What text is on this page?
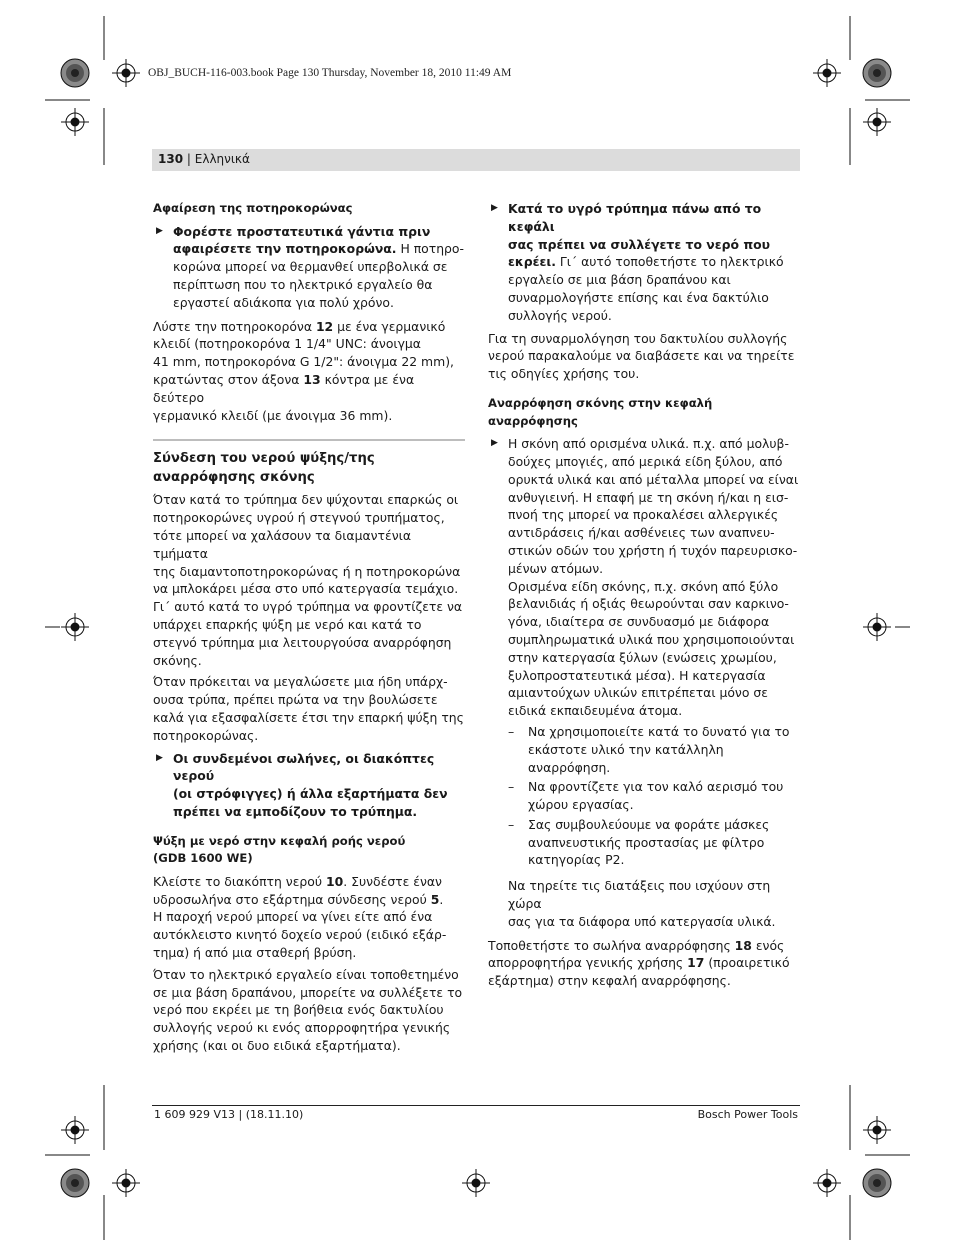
OBJ_BUCH-116-003.book Page 130 Thursday, November 18, 2010 11:49 AM
130 | Ελληνικά
Αφαίρεση της ποτηροκορώνας
▶ Φορέστε προστατευτικά γάντια πριν
αφαιρέσετε την ποτηροκορώνα. Η ποτηρο-
κορώνα μπορεί να θερμανθεί υπερβολικά σε
περίπτωση που το ηλεκτρικό εργαλείο θα
εργαστεί αδιάκοπα για πολύ χρόνο.
Λύστε την ποτηροκορόνα 12 με ένα γερμανικό
κλειδί (ποτηροκορόνα 1 1/4" UNC: άνοιγμα
41 mm, ποτηροκορόνα G 1/2": άνοιγμα 22 mm),
κρατώντας στον άξονα 13 κόντρα με ένα δεύτερο
γερμανικό κλειδί (με άνοιγμα 36 mm).
Σύνδεση του νερού ψύξης/της
αναρρόφησης σκόνης
Όταν κατά το τρύπημα δεν ψύχονται επαρκώς οι
ποτηροκορώνες υγρού ή στεγνού τρυπήματος,
τότε μπορεί να χαλάσουν τα διαμαντένια τμήματα
της διαμαντοποτηροκορώνας ή η ποτηροκορώνα
να μπλοκάρει μέσα στο υπό κατεργασία τεμάχιο.
Γι΄ αυτό κατά το υγρό τρύπημα να φροντίζετε να
υπάρχει επαρκής ψύξη με νερό και κατά το
στεγνό τρύπημα μια λειτουργούσα αναρρόφηση
σκόνης.
Όταν πρόκειται να μεγαλώσετε μια ήδη υπάρχ-
ουσα τρύπα, πρέπει πρώτα να την βουλώσετε
καλά για εξασφαλίσετε έτσι την επαρκή ψύξη της
ποτηροκορώνας.
▶ Οι συνδεμένοι σωλήνες, οι διακόπτες νερού
(οι στρόφιγγες) ή άλλα εξαρτήματα δεν
πρέπει να εμποδίζουν το τρύπημα.
Ψύξη με νερό στην κεφαλή ροής νερού
(GDB 1600 WE)
Κλείστε το διακόπτη νερού 10. Συνδέστε έναν
υδροσωλήνα στο εξάρτημα σύνδεσης νερού 5.
Η παροχή νερού μπορεί να γίνει είτε από ένα
αυτόκλειστο κινητό δοχείο νερού (ειδικό εξάρ-
τημα) ή από μια σταθερή βρύση.
Όταν το ηλεκτρικό εργαλείο είναι τοποθετημένο
σε μια βάση δραπάνου, μπορείτε να συλλέξετε το
νερό που εκρέει με τη βοήθεια ενός δακτυλίου
συλλογής νερού κι ενός απορροφητήρα γενικής
χρήσης (και οι δυο ειδικά εξαρτήματα).
▶ Κατά το υγρό τρύπημα πάνω από το κεφάλι
σας πρέπει να συλλέγετε το νερό που
εκρέει. Γι΄ αυτό τοποθετήστε το ηλεκτρικό
εργαλείο σε μια βάση δραπάνου και
συναρμολογήστε επίσης και ένα δακτύλιο
συλλογής νερού.
Για τη συναρμολόγηση του δακτυλίου συλλογής
νερού παρακαλούμε να διαβάσετε και να τηρείτε
τις οδηγίες χρήσης του.
Αναρρόφηση σκόνης στην κεφαλή
αναρρόφησης
▶ Η σκόνη από ορισμένα υλικά. π.χ. από μολυβ-
δούχες μπογιές, από μερικά είδη ξύλου, από
ορυκτά υλικά και από μέταλλα μπορεί να είναι
ανθυγιεινή. Η επαφή με τη σκόνη ή/και η εισ-
πνοή της μπορεί να προκαλέσει αλλεργικές
αντιδράσεις ή/και ασθένειες των αναπνευ-
στικών οδών του χρήστη ή τυχόν παρευρισκο-
μένων ατόμων.
Ορισμένα είδη σκόνης, π.χ. σκόνη από ξύλο
βελανιδιάς ή οξιάς θεωρούνται σαν καρκινο-
γόνα, ιδιαίτερα σε συνδυασμό με διάφορα
συμπληρωματικά υλικά που χρησιμοποιούνται
στην κατεργασία ξύλων (ενώσεις χρωμίου,
ξυλοπροστατευτικά μέσα). Η κατεργασία
αμιαντούχων υλικών επιτρέπεται μόνο σε
ειδικά εκπαιδευμένα άτομα.
– Να χρησιμοποιείτε κατά το δυνατό για το
εκάστοτε υλικό την κατάλληλη
αναρρόφηση.
– Να φροντίζετε για τον καλό αερισμό του
χώρου εργασίας.
– Σας συμβουλεύουμε να φοράτε μάσκες
αναπνευστικής προστασίας με φίλτρο
κατηγορίας P2.
Να τηρείτε τις διατάξεις που ισχύουν στη χώρα
σας για τα διάφορα υπό κατεργασία υλικά.
Τοποθετήστε το σωλήνα αναρρόφησης 18 ενός
απορροφητήρα γενικής χρήσης 17 (προαιρετικό
εξάρτημα) στην κεφαλή αναρρόφησης.
1 609 929 V13 | (18.11.10)	Bosch Power Tools
